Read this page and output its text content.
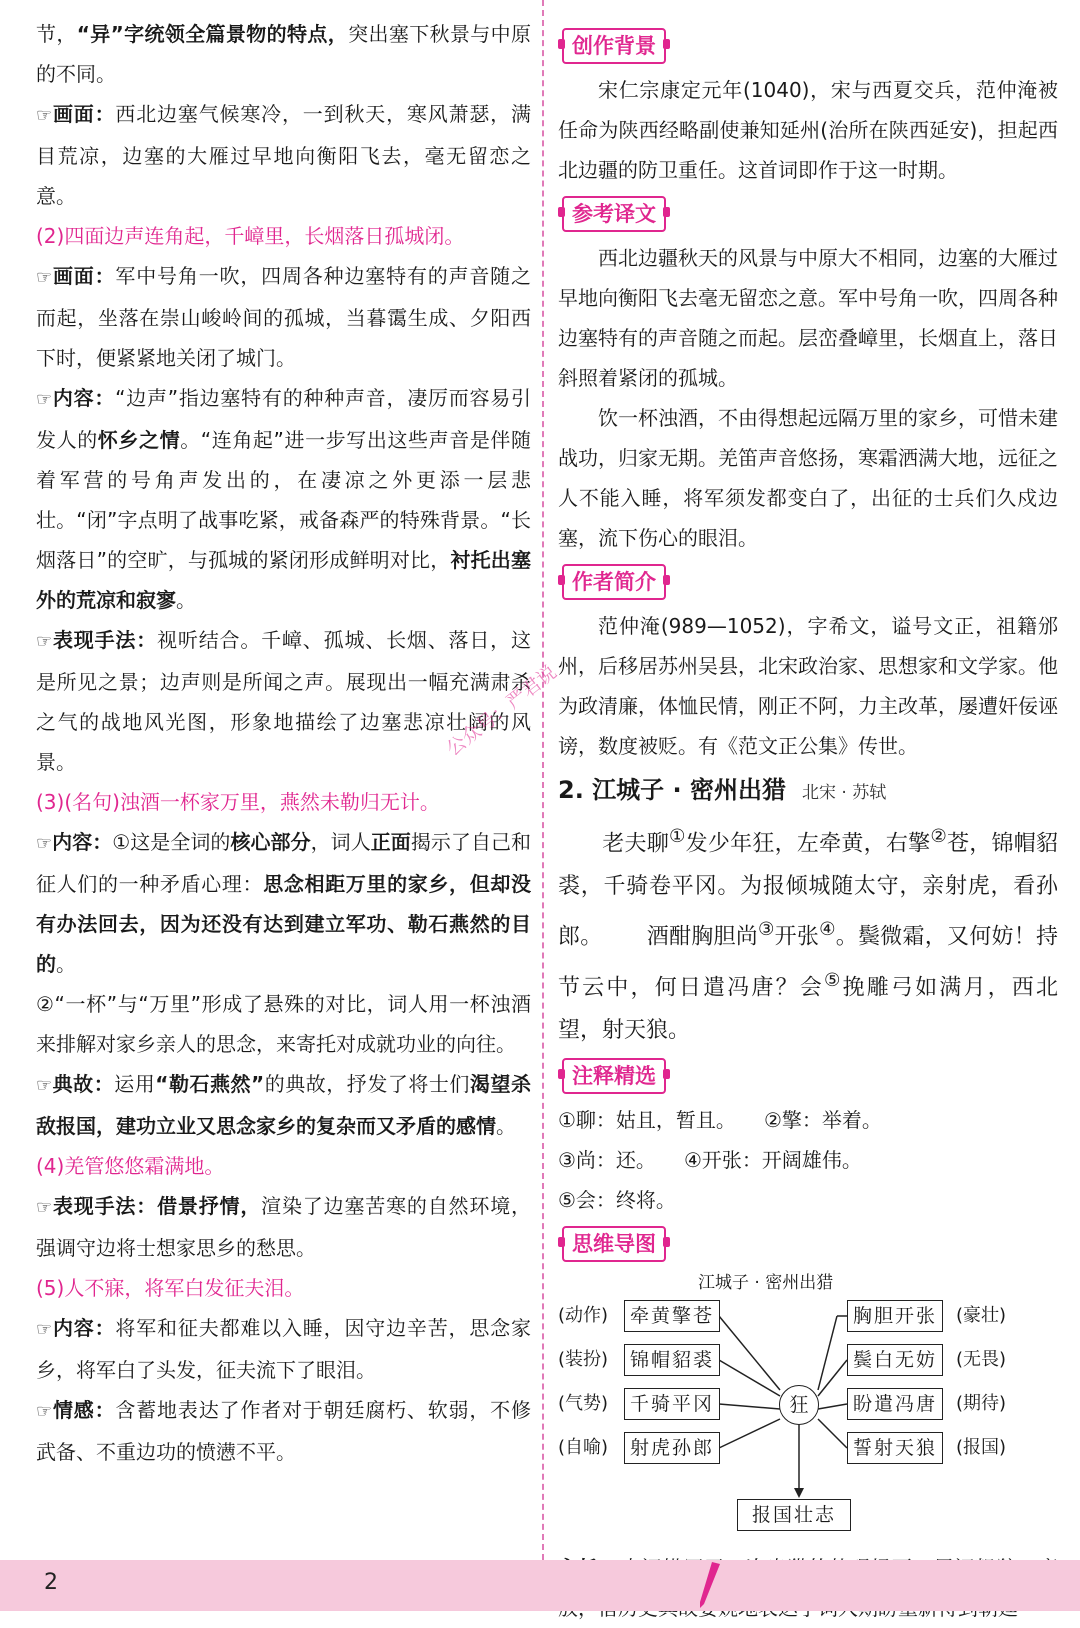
节，“异”字统领全篇景物的特点，突出塞下秋景与中原的不同。

☞ 画面：西北边塞气候寒冷，一到秋天，寒风萧瑟，满目荒凉，边塞的大雁过早地向衡阳飞去，毫无留恋之意。

(2)四面边声连角起，千嶂里，长烟落日孤城闭。

☞ 画面：军中号角一吹，四周各种边塞特有的声音随之而起，坐落在崇山峻岭间的孤城，当暮霭生成、夕阳西下时，便紧紧地关闭了城门。

☞ 内容：“边声”指边塞特有的种种声音，凄厉而容易引发人的怀乡之情。“连角起”进一步写出这些声音是伴随着军营的号角声发出的，在凄凉之外更添一层悲壮。“闭”字点明了战事吃紧，戒备森严的特殊背景。“长烟落日”的空旷，与孤城的紧闭形成鲜明对比，衬托出塞外的荒凉和寂寥。

☞ 表现手法：视听结合。千嶂、孤城、长烟、落日，这是所见之景；边声则是所闻之声。展现出一幅充满肃杀之气的战地风光图，形象地描绘了边塞悲凉壮阔的风景。

(3)(名句)浊酒一杯家万里，燕然未勒归无计。

☞ 内容：①这是全词的核心部分，词人正面揭示了自己和征人们的一种矛盾心理：思念相距万里的家乡，但却没有办法回去，因为还没有达到建立军功、勒石燕然的目的。

②“一杯”与“万里”形成了悬殊的对比，词人用一杯浊酒来排解对家乡亲人的思念，来寄托对成就功业的向往。

☞ 典故：运用“勒石燕然”的典故，抒发了将士们渴望杀敌报国，建功立业又思念家乡的复杂而又矛盾的感情。

(4)羌管悠悠霜满地。

☞ 表现手法：借景抒情，渲染了边塞苦寒的自然环境，强调守边将士想家思乡的愁思。

(5)人不寐，将军白发征夫泪。

☞ 内容：将军和征夫都难以入睡，因守边辛苦，思念家乡，将军白了头发，征夫流下了眼泪。

☞ 情感：含蓄地表达了作者对于朝廷腐朽、软弱，不修武备、不重边功的愤懑不平。

创作背景

宋仁宗康定元年(1040)，宋与西夏交兵，范仲淹被任命为陕西经略副使兼知延州(治所在陕西延安)，担起西北边疆的防卫重任。这首词即作于这一时期。

参考译文

西北边疆秋天的风景与中原大不相同，边塞的大雁过早地向衡阳飞去毫无留恋之意。军中号角一吹，四周各种边塞特有的声音随之而起。层峦叠嶂里，长烟直上，落日斜照着紧闭的孤城。

饮一杯浊酒，不由得想起远隔万里的家乡，可惜未建战功，归家无期。羌笛声音悠扬，寒霜洒满大地，远征之人不能入睡，将军须发都变白了，出征的士兵们久戍边塞，流下伤心的眼泪。

作者简介

范仲淹(989—1052)，字希文，谥号文正，祖籍邠州，后移居苏州吴县，北宋政治家、思想家和文学家。他为政清廉，体恤民情，刚正不阿，力主改革，屡遭奸佞诬谤，数度被贬。有《范文正公集》传世。

2. 江城子 · 密州出猎 北宋 · 苏轼

老夫聊①发少年狂，左牵黄，右擎②苍，锦帽貂裘，千骑卷平冈。为报倾城随太守，亲射虎，看孙郎。 酒酣胸胆尚③开张④。鬓微霜，又何妨！持节云中，何日遣冯唐？会⑤挽雕弓如满月，西北望，射天狼。

注释精选

①聊：姑且，暂且。 ②擎：举着。

③尚：还。 ④开张：开阔雄伟。

⑤会：终将。

思维导图
江城子 · 密州出猎
(动作)
(装扮)
(气势)
(自喻)
牵黄擎苍
锦帽貂裘
千骑平冈
射虎孙郎
狂
胸胆开张
鬓白无妨
盼遣冯唐
誓射天狼
(豪壮)
(无畏)
(期待)
(报国)
报国壮志

公众号：严君说
2
